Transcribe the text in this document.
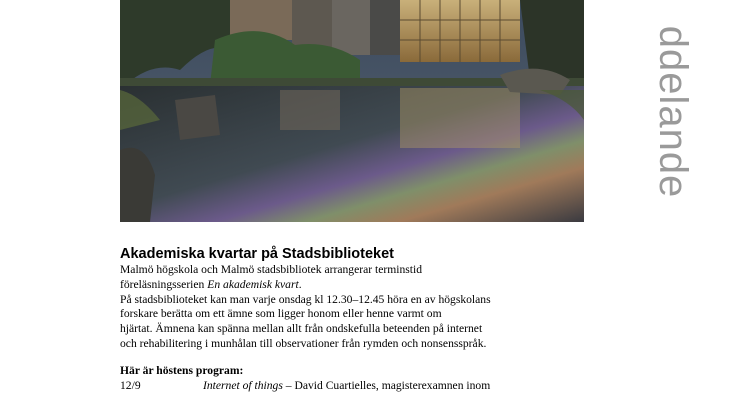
ddelande
Akademiska kvartar på Stadsbiblioteket

Malmö högskola och Malmö stadsbibliotek arrangerar terminstid

föreläsningsserien En akademisk kvart.

På stadsbiblioteket kan man varje onsdag kl 12.30–12.45 höra en av högskolans

forskare berätta om ett ämne som ligger honom eller henne varmt om

hjärtat. Ämnena kan spänna mellan allt från ondskefulla beteenden på internet

och rehabilitering i munhålan till observationer från rymden och nonsensspråk.

Här är höstens program:

12/9	Internet of things – David Cuartielles, magisterexamnen inom
